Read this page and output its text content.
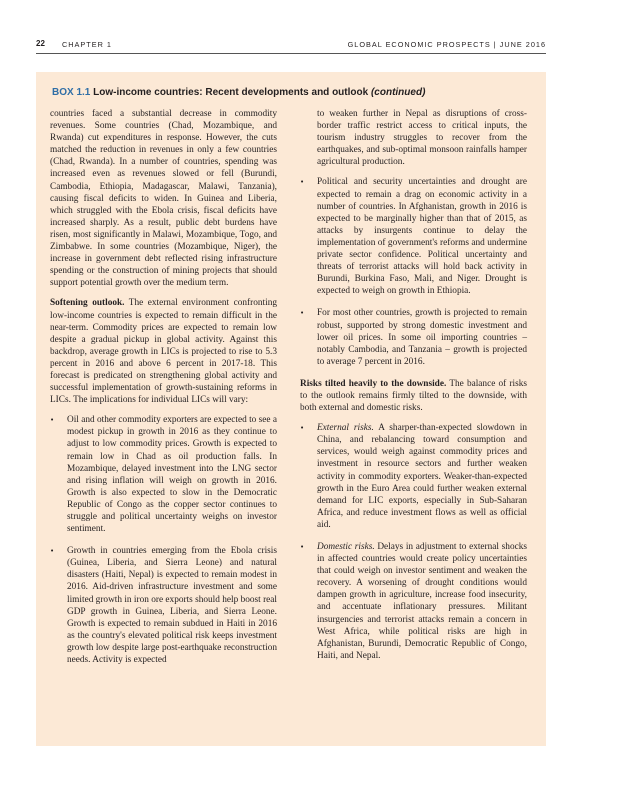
22 CHAPTER 1	GLOBAL ECONOMIC PROSPECTS | JUNE 2016
BOX 1.1 Low-income countries: Recent developments and outlook (continued)

countries faced a substantial decrease in commodity revenues. Some countries (Chad, Mozambique, and Rwanda) cut expenditures in response. However, the cuts matched the reduction in revenues in only a few countries (Chad, Rwanda). In a number of countries, spending was increased even as revenues slowed or fell (Burundi, Cambodia, Ethiopia, Madagascar, Malawi, Tanzania), causing fiscal deficits to widen. In Guinea and Liberia, which struggled with the Ebola crisis, fiscal deficits have increased sharply. As a result, public debt burdens have risen, most significantly in Malawi, Mozambique, Togo, and Zimbabwe. In some countries (Mozambique, Niger), the increase in government debt reflected rising infrastructure spending or the construction of mining projects that should support potential growth over the medium term.

Softening outlook. The external environment confronting low-income countries is expected to remain difficult in the near-term. Commodity prices are expected to remain low despite a gradual pickup in global activity. Against this backdrop, average growth in LICs is projected to rise to 5.3 percent in 2016 and above 6 percent in 2017-18. This forecast is predicated on strengthening global activity and successful implementation of growth-sustaining reforms in LICs. The implications for individual LICs will vary:

• Oil and other commodity exporters are expected to see a modest pickup in growth in 2016 as they continue to adjust to low commodity prices. Growth is expected to remain low in Chad as oil production falls. In Mozambique, delayed investment into the LNG sector and rising inflation will weigh on growth in 2016. Growth is also expected to slow in the Democratic Republic of Congo as the copper sector continues to struggle and political uncertainty weighs on investor sentiment.
• Growth in countries emerging from the Ebola crisis (Guinea, Liberia, and Sierra Leone) and natural disasters (Haiti, Nepal) is expected to remain modest in 2016. Aid-driven infrastructure investment and some limited growth in iron ore exports should help boost real GDP growth in Guinea, Liberia, and Sierra Leone. Growth is expected to remain subdued in Haiti in 2016 as the country's elevated political risk keeps investment growth low despite large post-earthquake reconstruction needs. Activity is expected

to weaken further in Nepal as disruptions of cross-border traffic restrict access to critical inputs, the tourism industry struggles to recover from the earthquakes, and sub-optimal monsoon rainfalls hamper agricultural production.

• Political and security uncertainties and drought are expected to remain a drag on economic activity in a number of countries. In Afghanistan, growth in 2016 is expected to be marginally higher than that of 2015, as attacks by insurgents continue to delay the implementation of government's reforms and undermine private sector confidence. Political uncertainty and threats of terrorist attacks will hold back activity in Burundi, Burkina Faso, Mali, and Niger. Drought is expected to weigh on growth in Ethiopia.
• For most other countries, growth is projected to remain robust, supported by strong domestic investment and lower oil prices. In some oil importing countries – notably Cambodia, and Tanzania – growth is projected to average 7 percent in 2016.

Risks tilted heavily to the downside. The balance of risks to the outlook remains firmly tilted to the downside, with both external and domestic risks.

• External risks. A sharper-than-expected slowdown in China, and rebalancing toward consumption and services, would weigh against commodity prices and investment in resource sectors and further weaken activity in commodity exporters. Weaker-than-expected growth in the Euro Area could further weaken external demand for LIC exports, especially in Sub-Saharan Africa, and reduce investment flows as well as official aid.
• Domestic risks. Delays in adjustment to external shocks in affected countries would create policy uncertainties that could weigh on investor sentiment and weaken the recovery. A worsening of drought conditions would dampen growth in agriculture, increase food insecurity, and accentuate inflationary pressures. Militant insurgencies and terrorist attacks remain a concern in West Africa, while political risks are high in Afghanistan, Burundi, Democratic Republic of Congo, Haiti, and Nepal.
